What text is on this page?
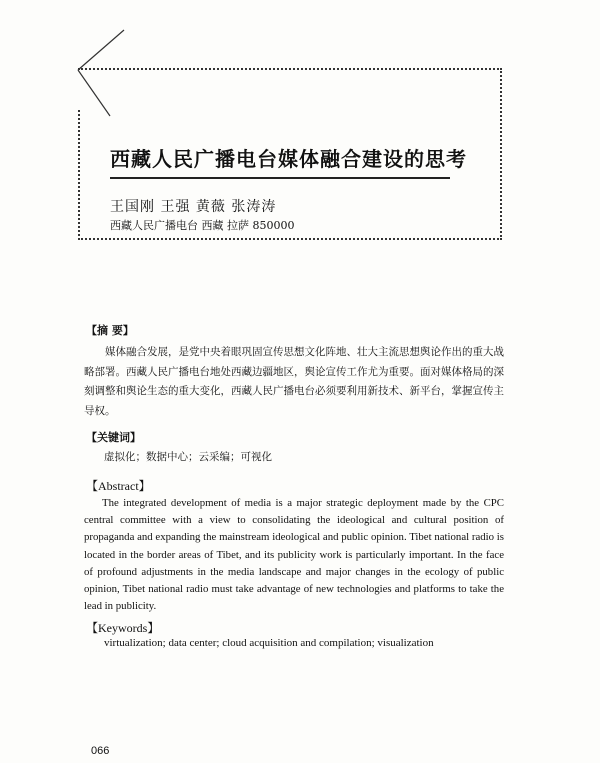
西藏人民广播电台媒体融合建设的思考
王国刚 王强 黄薇 张涛涛
西藏人民广播电台 西藏 拉萨 850000
【摘 要】
媒体融合发展，是党中央着眼巩固宣传思想文化阵地、壮大主流思想舆论作出的重大战略部署。西藏人民广播电台地处西藏边疆地区，舆论宣传工作尤为重要。面对媒体格局的深刻调整和舆论生态的重大变化，西藏人民广播电台必须要利用新技术、新平台，掌握宣传主导权。
【关键词】
虚拟化；数据中心；云采编；可视化
【Abstract】
The integrated development of media is a major strategic deployment made by the CPC central committee with a view to consolidating the ideological and cultural position of propaganda and expanding the mainstream ideological and public opinion. Tibet national radio is located in the border areas of Tibet, and its publicity work is particularly important. In the face of profound adjustments in the media landscape and major changes in the ecology of public opinion, Tibet national radio must take advantage of new technologies and platforms to take the lead in publicity.
【Keywords】
virtualization; data center; cloud acquisition and compilation; visualization
066
